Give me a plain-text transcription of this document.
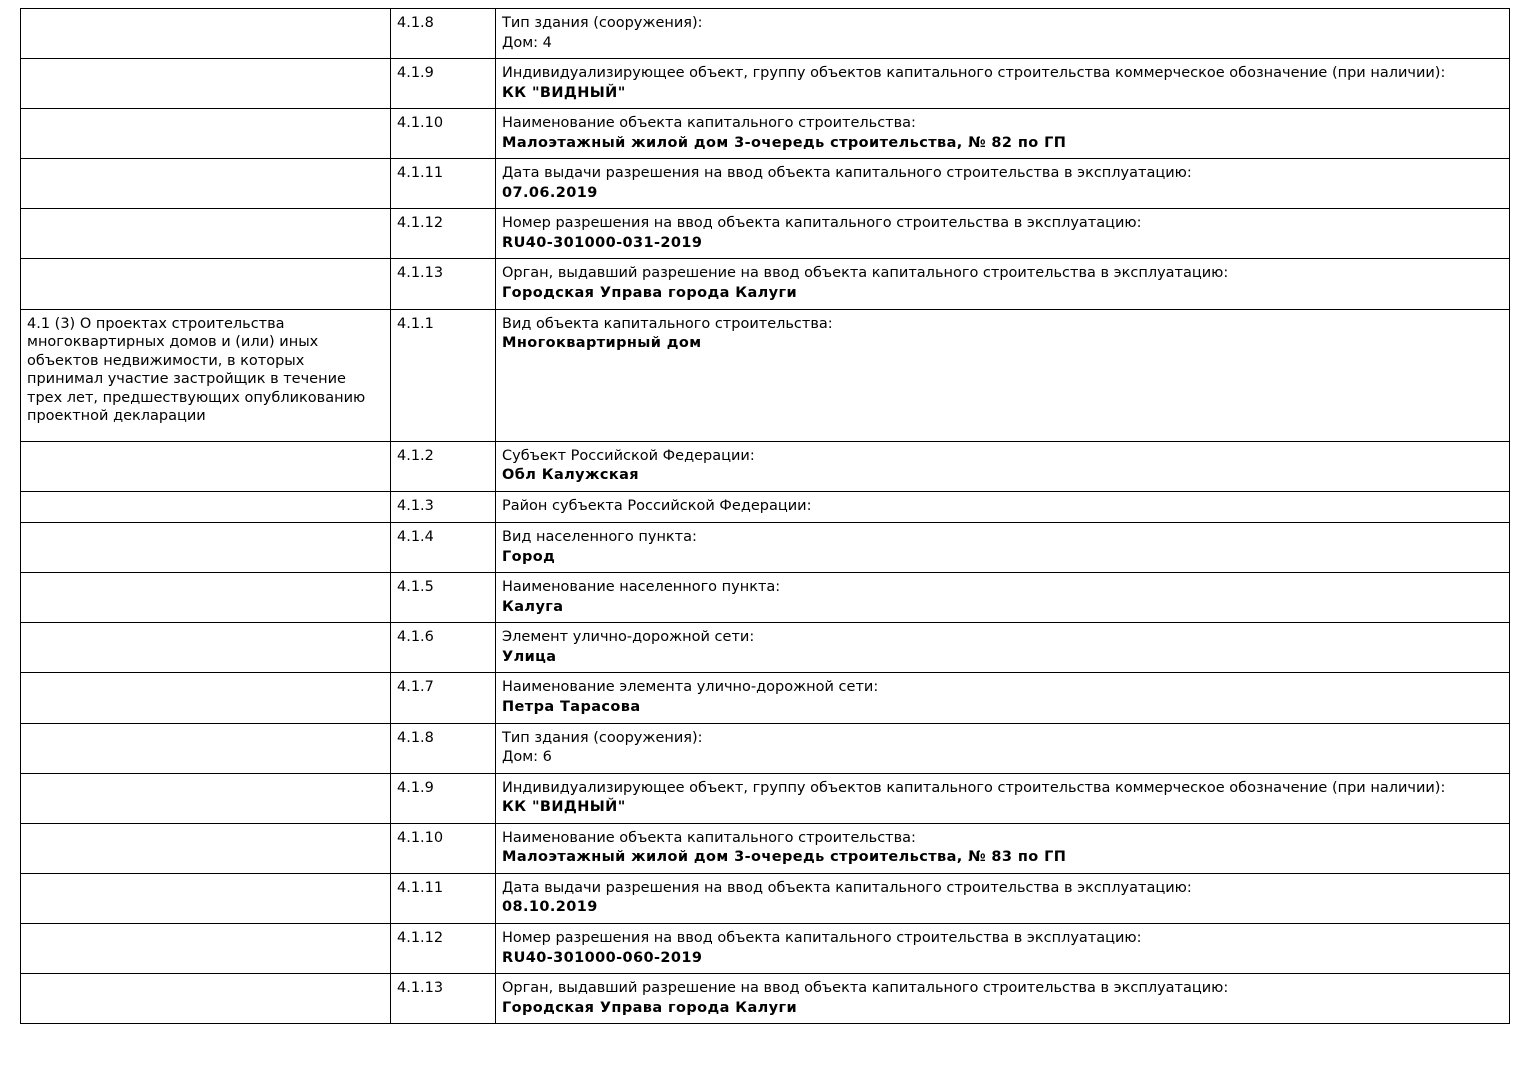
	4.1.8	Тип здания (сооружения):
Дом: 4

	4.1.9	Индивидуализирующее объект, группу объектов капитального строительства коммерческое обозначение (при наличии):
КК "ВИДНЫЙ"

	4.1.10	Наименование объекта капитального строительства:
Малоэтажный жилой дом 3-очередь строительства, № 82 по ГП

	4.1.11	Дата выдачи разрешения на ввод объекта капитального строительства в эксплуатацию:
07.06.2019

	4.1.12	Номер разрешения на ввод объекта капитального строительства в эксплуатацию:
RU40-301000-031-2019

	4.1.13	Орган, выдавший разрешение на ввод объекта капитального строительства в эксплуатацию:
Городская Управа города Калуги

4.1 (3) О проектах строительства многоквартирных домов и (или) иных объектов недвижимости, в которых принимал участие застройщик в течение трех лет, предшествующих опубликованию проектной декларации	4.1.1	Вид объекта капитального строительства:
Многоквартирный дом

	4.1.2	Субъект Российской Федерации:
Обл Калужская

	4.1.3	Район субъекта Российской Федерации:

	4.1.4	Вид населенного пункта:
Город

	4.1.5	Наименование населенного пункта:
Калуга

	4.1.6	Элемент улично-дорожной сети:
Улица

	4.1.7	Наименование элемента улично-дорожной сети:
Петра Тарасова

	4.1.8	Тип здания (сооружения):
Дом: 6

	4.1.9	Индивидуализирующее объект, группу объектов капитального строительства коммерческое обозначение (при наличии):
КК "ВИДНЫЙ"

	4.1.10	Наименование объекта капитального строительства:
Малоэтажный жилой дом 3-очередь строительства, № 83 по ГП

	4.1.11	Дата выдачи разрешения на ввод объекта капитального строительства в эксплуатацию:
08.10.2019

	4.1.12	Номер разрешения на ввод объекта капитального строительства в эксплуатацию:
RU40-301000-060-2019

	4.1.13	Орган, выдавший разрешение на ввод объекта капитального строительства в эксплуатацию:
Городская Управа города Калуги
